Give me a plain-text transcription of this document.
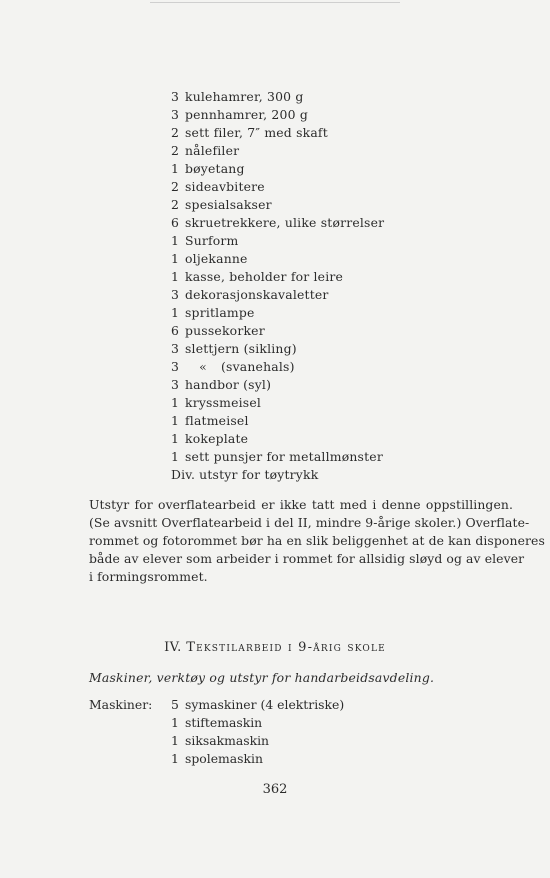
3 kulehamrer, 300 g
3 pennhamrer, 200 g
2 sett filer, 7″ med skaft
2 nålefiler
1 bøyetang
2 sideavbitere
2 spesialsakser
6 skruetrekkere, ulike størrelser
1 Surform
1 oljekanne
1 kasse, beholder for leire
3 dekorasjonskavaletter
1 spritlampe
6 pussekorker
3 slettjern (sikling)
3	«	(svanehals)
3 handbor (syl)
1 kryssmeisel
1 flatmeisel
1 kokeplate
1 sett punsjer for metallmønster
Div. utstyr for tøytrykk
Utstyr for overflatearbeid er ikke tatt med i denne oppstillingen.
(Se avsnitt Overflatearbeid i del II, mindre 9-årige skoler.) Overflate-
rommet og fotorommet bør ha en slik beliggenhet at de kan disponeres
både av elever som arbeider i rommet for allsidig sløyd og av elever
i formingsrommet.
IV. Tekstilarbeid i 9-årig skole
Maskiner, verktøy og utstyr for handarbeidsavdeling.
Maskiner: 5 symaskiner (4 elektriske)
1 stiftemaskin
1 siksakmaskin
1 spolemaskin
362
